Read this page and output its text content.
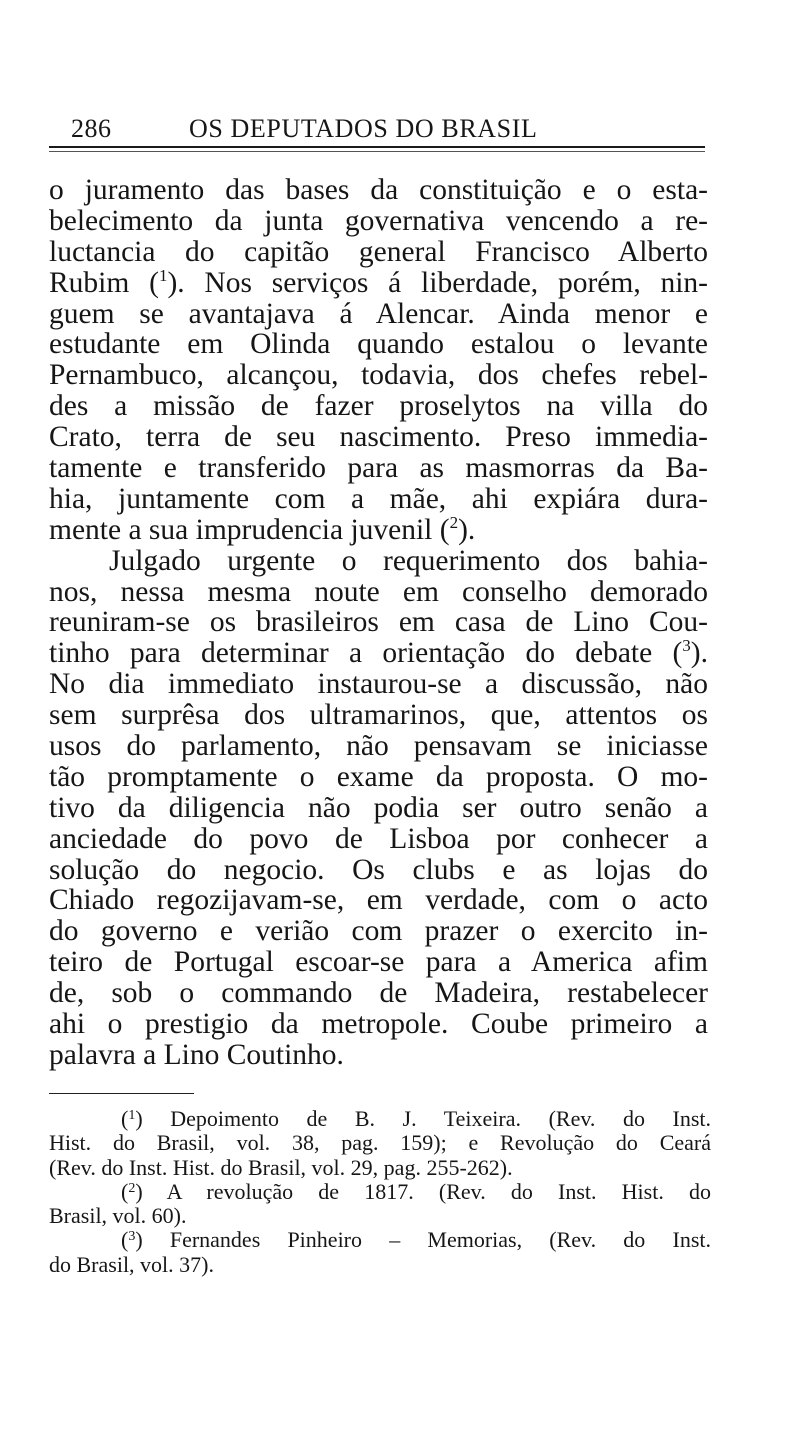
286	OS DEPUTADOS DO BRASIL
o juramento das bases da constituição e o esta-
belecimento da junta governativa vencendo a re-
luctancia do capitão general Francisco Alberto
Rubim ($^1$). Nos serviços á liberdade, porém, nin-
guem se avantajava á Alencar. Ainda menor e
estudante em Olinda quando estalou o levante
Pernambuco, alcançou, todavia, dos chefes rebel-
des a missão de fazer proselytos na villa do
Crato, terra de seu nascimento. Preso immedia-
tamente e transferido para as masmorras da Ba-
hia, juntamente com a mãe, ahi expiára dura-
mente a sua imprudencia juvenil ($^2$).
Julgado urgente o requerimento dos bahia-
nos, nessa mesma noute em conselho demorado
reuniram-se os brasileiros em casa de Lino Cou-
tinho para determinar a orientação do debate ($^3$).
No dia immediato instaurou-se a discussão, não
sem surprêsa dos ultramarinos, que, attentos os
usos do parlamento, não pensavam se iniciasse
tão promptamente o exame da proposta. O mo-
tivo da diligencia não podia ser outro senão a
anciedade do povo de Lisboa por conhecer a
solução do negocio. Os clubs e as lojas do
Chiado regozijavam-se, em verdade, com o acto
do governo e verião com prazer o exercito in-
teiro de Portugal escoar-se para a America afim
de, sob o commando de Madeira, restabelecer
ahi o prestigio da metropole. Coube primeiro a
palavra a Lino Coutinho.
($^1$) Depoimento de B. J. Teixeira. (Rev. do Inst.
Hist. do Brasil, vol. 38, pag. 159); e Revolução do Ceará
(Rev. do Inst. Hist. do Brasil, vol. 29, pag. 255-262).
($^2$) A revolução de 1817. (Rev. do Inst. Hist. do
Brasil, vol. 60).
($^3$) Fernandes Pinheiro – Memorias, (Rev. do Inst.
do Brasil, vol. 37).
